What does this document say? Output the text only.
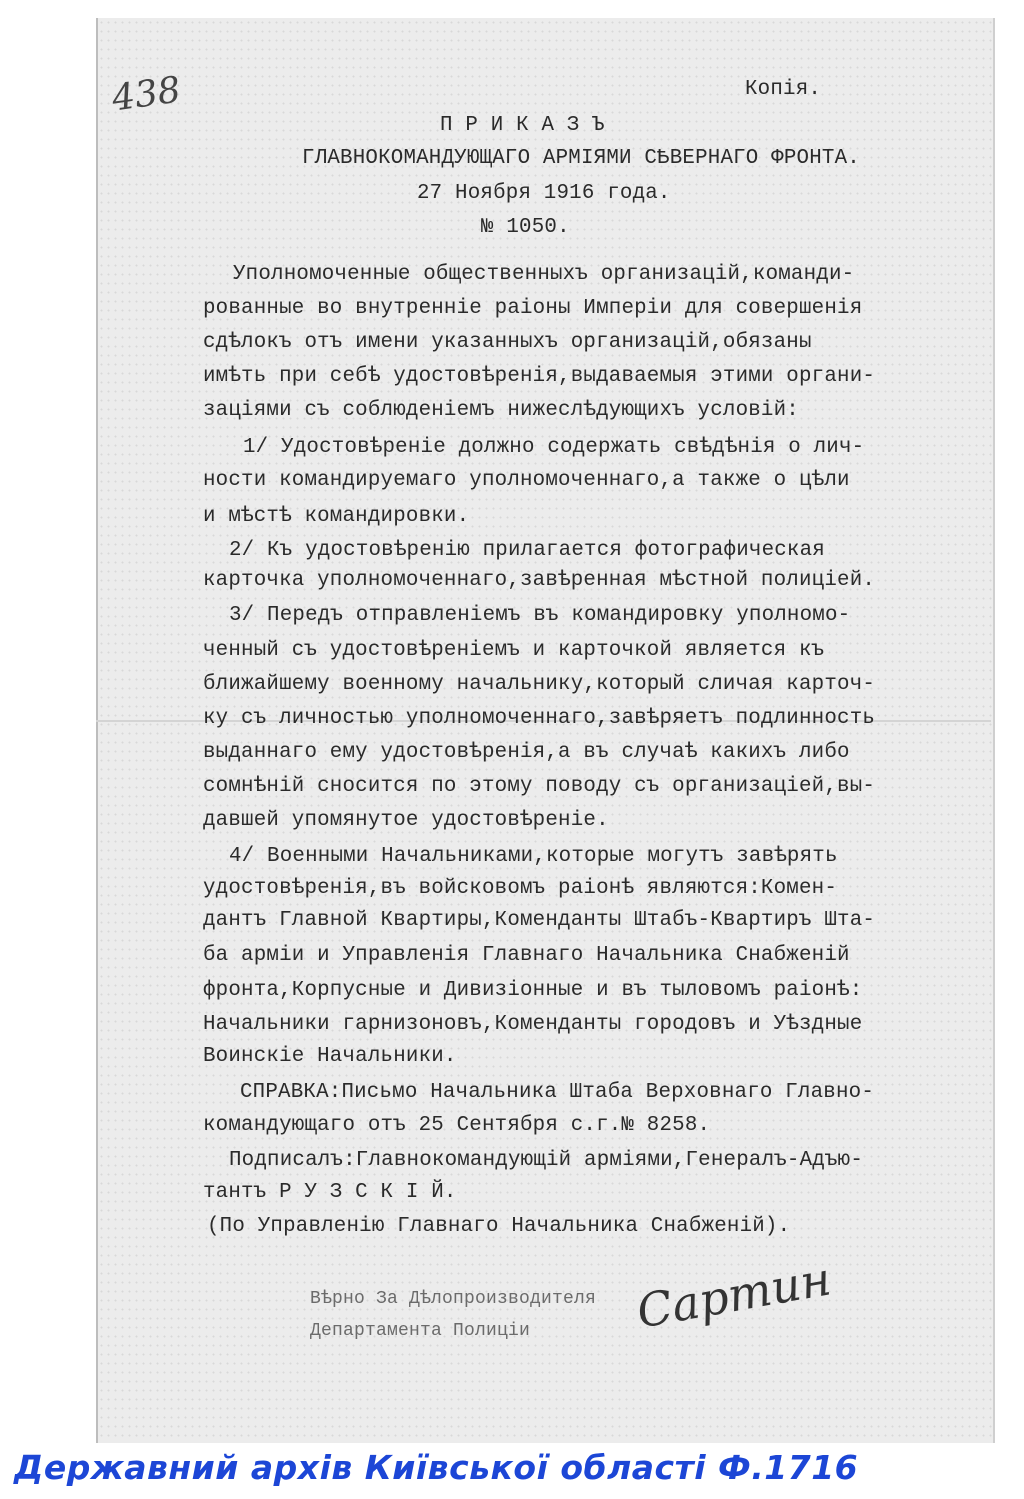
438	Копія.
П Р И К А З Ъ
ГЛАВНОКОМАНДУЮЩАГО АРМІЯМИ СѢВЕРНАГО ФРОНТА.
27 Ноября 1916 года.
№ 1050.
Уполномоченные общественныхъ организацій,команди-
рованные во внутренніе раіоны Имперіи для совершенія
сдѣлокъ отъ имени указанныхъ организацій,обязаны
имѣть при себѣ удостовѣренія,выдаваемыя этими органи-
заціями съ соблюденіемъ нижеслѣдующихъ условій:
1/ Удостовѣреніе должно содержать свѣдѣнія о лич-
ности командируемаго уполномоченнаго,а также о цѣли
и мѣстѣ командировки.
2/ Къ удостовѣренію прилагается фотографическая
карточка уполномоченнаго,завѣренная мѣстной полиціей.
3/ Передъ отправленіемъ въ командировку уполномо-
ченный съ удостовѣреніемъ и карточкой является къ
ближайшему военному начальнику,который сличая карточ-
ку съ личностью уполномоченнаго,завѣряетъ подлинность
выданнаго ему удостовѣренія,а въ случаѣ какихъ либо
сомнѣній сносится по этому поводу съ организаціей,вы-
давшей упомянутое удостовѣреніе.
4/ Военными Начальниками,которые могутъ завѣрять
удостовѣренія,въ войсковомъ раіонѣ являются:Комен-
дантъ Главной Квартиры,Коменданты Штабъ-Квартиръ Шта-
ба арміи и Управленія Главнаго Начальника Снабженій
фронта,Корпусные и Дивизіонные и въ тыловомъ раіонѣ:
Начальники гарнизоновъ,Коменданты городовъ и Уѣздные
Воинскіе Начальники.
СПРАВКА:Письмо Начальника Штаба Верховнаго Главно-
командующаго отъ 25 Сентября с.г.№ 8258.
Подписалъ:Главнокомандующій арміями,Генералъ-Адъю-
тантъ Р У З С К І Й.
(По Управленію Главнаго Начальника Снабженій).
Вѣрно За Дѣлопроизводителя
Департамента Полиціи Сартин
Державний архів Київської області Ф.1716
